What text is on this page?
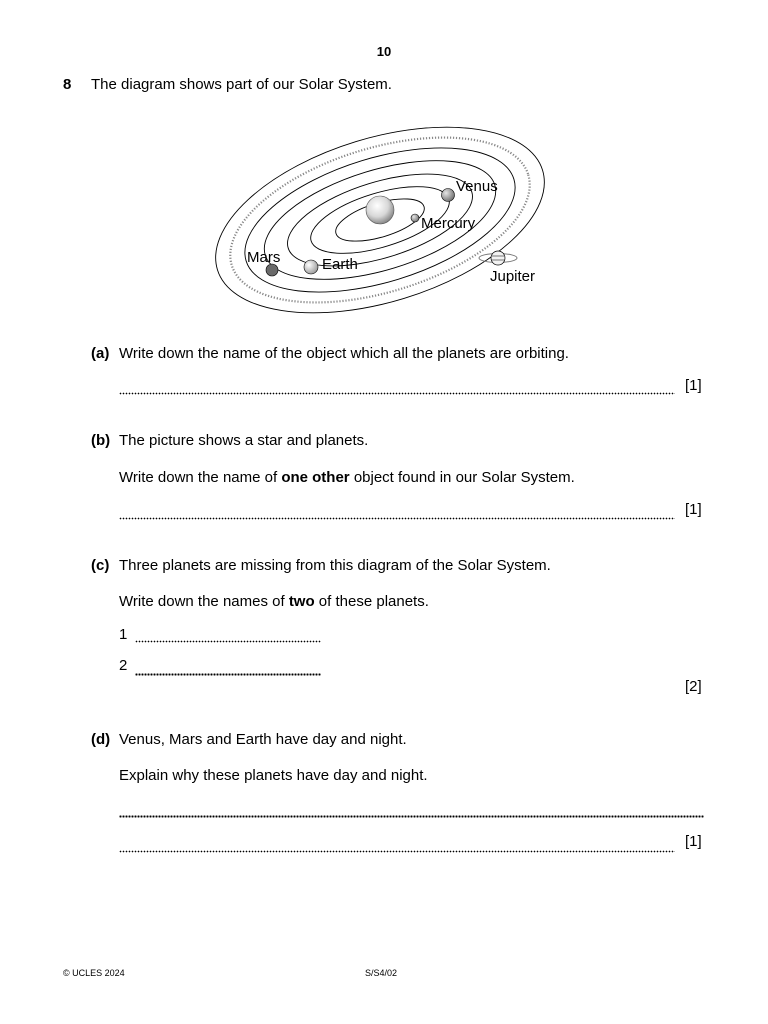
10
8 The diagram shows part of our Solar System.
Venus
Mercury
Mars	Earth
Jupiter
(a) Write down the name of the object which all the planets are orbiting.
[1]
(b) The picture shows a star and planets.
Write down the name of one other object found in our Solar System.
[1]
(c) Three planets are missing from this diagram of the Solar System.
Write down the names of two of these planets.
1
2
[2]
(d) Venus, Mars and Earth have day and night.
Explain why these planets have day and night.
[1]
© UCLES 2024	S/S4/02
